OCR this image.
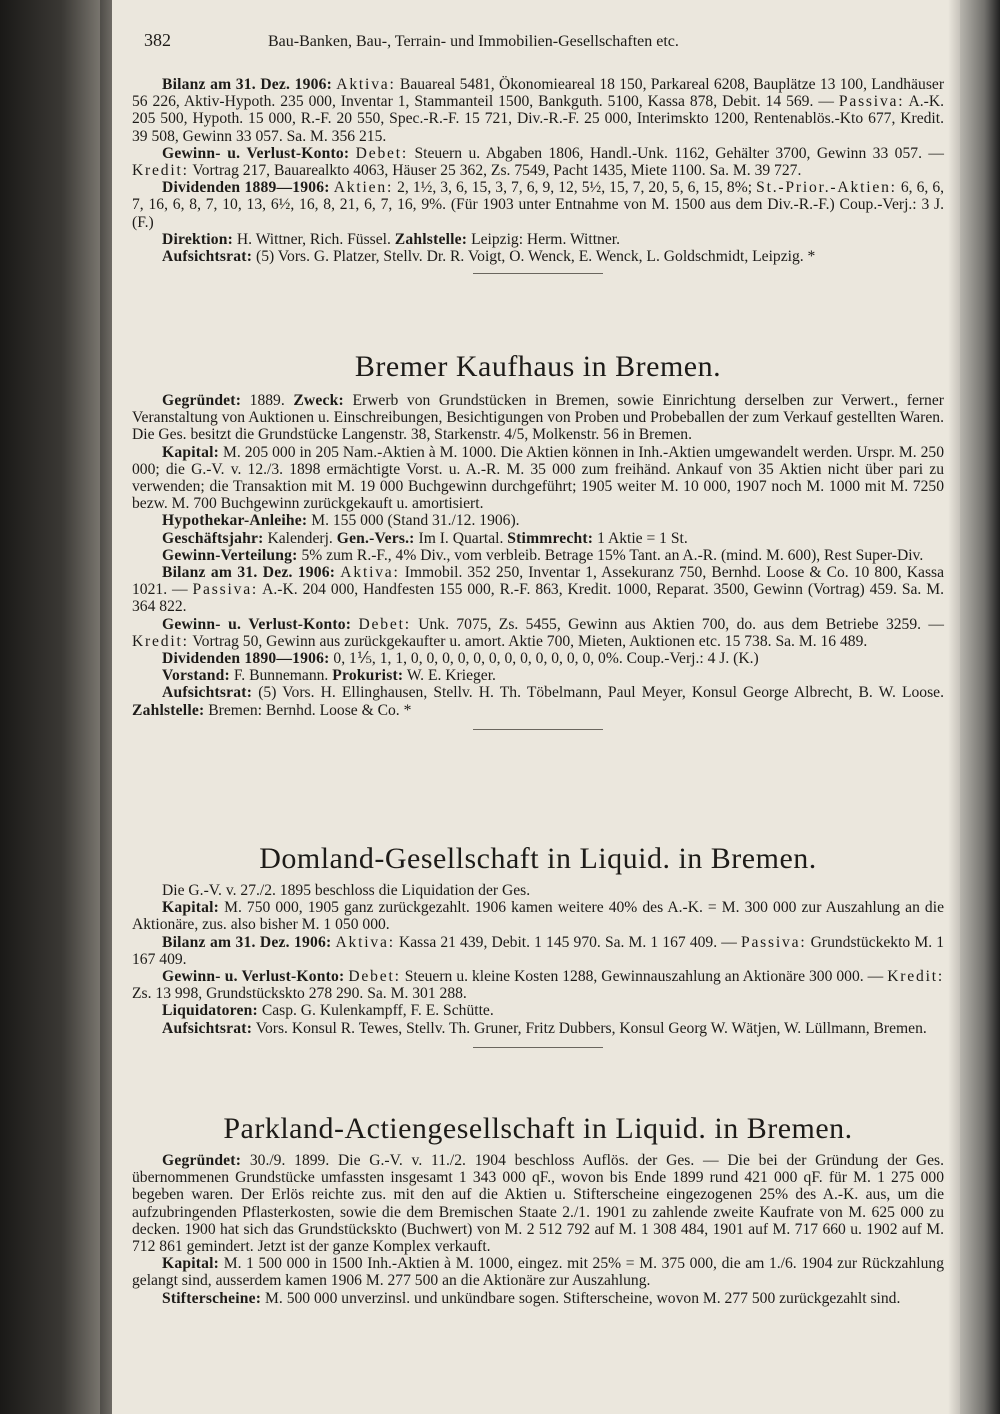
382	Bau-Banken, Bau-, Terrain- und Immobilien-Gesellschaften etc.

Bilanz am 31. Dez. 1906: Aktiva: Bauareal 5481, Ökonomieareal 18 150, Parkareal 6208, Bauplätze 13 100, Landhäuser 56 226, Aktiv-Hypoth. 235 000, Inventar 1, Stammanteil 1500, Bankguth. 5100, Kassa 878, Debit. 14 569. — Passiva: A.-K. 205 500, Hypoth. 15 000, R.-F. 20 550, Spec.-R.-F. 15 721, Div.-R.-F. 25 000, Interimskto 1200, Rentenablös.-Kto 677, Kredit. 39 508, Gewinn 33 057. Sa. M. 356 215.

Gewinn- u. Verlust-Konto: Debet: Steuern u. Abgaben 1806, Handl.-Unk. 1162, Gehälter 3700, Gewinn 33 057. — Kredit: Vortrag 217, Bauarealkto 4063, Häuser 25 362, Zs. 7549, Pacht 1435, Miete 1100. Sa. M. 39 727.

Dividenden 1889—1906: Aktien: 2, 1½, 3, 6, 15, 3, 7, 6, 9, 12, 5½, 15, 7, 20, 5, 6, 15, 8%; St.-Prior.-Aktien: 6, 6, 6, 7, 16, 6, 8, 7, 10, 13, 6½, 16, 8, 21, 6, 7, 16, 9%. (Für 1903 unter Entnahme von M. 1500 aus dem Div.-R.-F.) Coup.-Verj.: 3 J. (F.)

Direktion: H. Wittner, Rich. Füssel. Zahlstelle: Leipzig: Herm. Wittner.

Aufsichtsrat: (5) Vors. G. Platzer, Stellv. Dr. R. Voigt, O. Wenck, E. Wenck, L. Goldschmidt, Leipzig. *

Bremer Kaufhaus in Bremen.

Gegründet: 1889. Zweck: Erwerb von Grundstücken in Bremen, sowie Einrichtung derselben zur Verwert., ferner Veranstaltung von Auktionen u. Einschreibungen, Besichtigungen von Proben und Probeballen der zum Verkauf gestellten Waren. Die Ges. besitzt die Grundstücke Langenstr. 38, Starkenstr. 4/5, Molkenstr. 56 in Bremen.

Kapital: M. 205 000 in 205 Nam.-Aktien à M. 1000. Die Aktien können in Inh.-Aktien umgewandelt werden. Urspr. M. 250 000; die G.-V. v. 12./3. 1898 ermächtigte Vorst. u. A.-R. M. 35 000 zum freihänd. Ankauf von 35 Aktien nicht über pari zu verwenden; die Transaktion mit M. 19 000 Buchgewinn durchgeführt; 1905 weiter M. 10 000, 1907 noch M. 1000 mit M. 7250 bezw. M. 700 Buchgewinn zurückgekauft u. amortisiert.

Hypothekar-Anleihe: M. 155 000 (Stand 31./12. 1906).

Geschäftsjahr: Kalenderj. Gen.-Vers.: Im I. Quartal. Stimmrecht: 1 Aktie = 1 St.

Gewinn-Verteilung: 5% zum R.-F., 4% Div., vom verbleib. Betrage 15% Tant. an A.-R. (mind. M. 600), Rest Super-Div.

Bilanz am 31. Dez. 1906: Aktiva: Immobil. 352 250, Inventar 1, Assekuranz 750, Bernhd. Loose & Co. 10 800, Kassa 1021. — Passiva: A.-K. 204 000, Handfesten 155 000, R.-F. 863, Kredit. 1000, Reparat. 3500, Gewinn (Vortrag) 459. Sa. M. 364 822.

Gewinn- u. Verlust-Konto: Debet: Unk. 7075, Zs. 5455, Gewinn aus Aktien 700, do. aus dem Betriebe 3259. — Kredit: Vortrag 50, Gewinn aus zurückgekaufter u. amort. Aktie 700, Mieten, Auktionen etc. 15 738. Sa. M. 16 489.

Dividenden 1890—1906: 0, 1⅕, 1, 1, 0, 0, 0, 0, 0, 0, 0, 0, 0, 0, 0, 0, 0%. Coup.-Verj.: 4 J. (K.)

Vorstand: F. Bunnemann. Prokurist: W. E. Krieger.

Aufsichtsrat: (5) Vors. H. Ellinghausen, Stellv. H. Th. Töbelmann, Paul Meyer, Konsul George Albrecht, B. W. Loose. Zahlstelle: Bremen: Bernhd. Loose & Co. *

Domland-Gesellschaft in Liquid. in Bremen.

Die G.-V. v. 27./2. 1895 beschloss die Liquidation der Ges.

Kapital: M. 750 000, 1905 ganz zurückgezahlt. 1906 kamen weitere 40% des A.-K. = M. 300 000 zur Auszahlung an die Aktionäre, zus. also bisher M. 1 050 000.

Bilanz am 31. Dez. 1906: Aktiva: Kassa 21 439, Debit. 1 145 970. Sa. M. 1 167 409. — Passiva: Grundstückekto M. 1 167 409.

Gewinn- u. Verlust-Konto: Debet: Steuern u. kleine Kosten 1288, Gewinnauszahlung an Aktionäre 300 000. — Kredit: Zs. 13 998, Grundstückskto 278 290. Sa. M. 301 288.

Liquidatoren: Casp. G. Kulenkampff, F. E. Schütte.

Aufsichtsrat: Vors. Konsul R. Tewes, Stellv. Th. Gruner, Fritz Dubbers, Konsul Georg W. Wätjen, W. Lüllmann, Bremen.

Parkland-Actiengesellschaft in Liquid. in Bremen.

Gegründet: 30./9. 1899. Die G.-V. v. 11./2. 1904 beschloss Auflös. der Ges. — Die bei der Gründung der Ges. übernommenen Grundstücke umfassten insgesamt 1 343 000 qF., wovon bis Ende 1899 rund 421 000 qF. für M. 1 275 000 begeben waren. Der Erlös reichte zus. mit den auf die Aktien u. Stifterscheine eingezogenen 25% des A.-K. aus, um die aufzubringenden Pflasterkosten, sowie die dem Bremischen Staate 2./1. 1901 zu zahlende zweite Kaufrate von M. 625 000 zu decken. 1900 hat sich das Grundstückskto (Buchwert) von M. 2 512 792 auf M. 1 308 484, 1901 auf M. 717 660 u. 1902 auf M. 712 861 gemindert. Jetzt ist der ganze Komplex verkauft.

Kapital: M. 1 500 000 in 1500 Inh.-Aktien à M. 1000, eingez. mit 25% = M. 375 000, die am 1./6. 1904 zur Rückzahlung gelangt sind, ausserdem kamen 1906 M. 277 500 an die Aktionäre zur Auszahlung.

Stifterscheine: M. 500 000 unverzinsl. und unkündbare sogen. Stifterscheine, wovon M. 277 500 zurückgezahlt sind.
